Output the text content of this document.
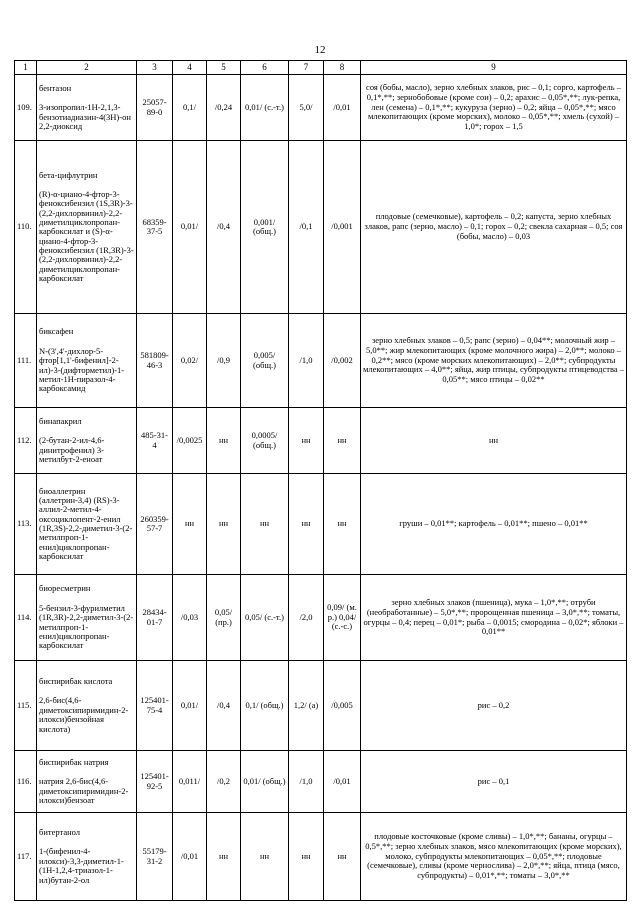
12
1	2	3	4	5	6	7	8	9
109.	бентазон
3-изопропил-1H-2,1,3-бензотиадиазин-4(3H)-он 2,2-диоксид	25057-89-0	0,1/	/0,24	0,01/ (с.-т.)	5,0/	/0,01	соя (бобы, масло), зерно хлебных злаков, рис – 0,1; сорго, картофель – 0,1*,**; зернобобовые (кроме сои) – 0,2; арахис – 0,05*,**; лук-репка, лен (семена) – 0,1*,**; кукуруза (зерно) – 0,2; яйца – 0,05*,**; мясо млекопитающих (кроме морских), молоко – 0,05*,**; хмель (сухой) – 1,0*; горох – 1,5
110.	бета-цифлутрин
(R)-α-циано-4-фтор-3-феноксибензил (1S,3R)-3-(2,2-дихлорвинил)-2,2-диметилциклопропан-карбоксилат и (S)-α-циано-4-фтор-3-феноксибензил (1R,3R)-3-(2,2-дихлорвинил)-2,2-диметилциклопропан-карбоксилат	68359-37-5	0,01/	/0,4	0,001/ (общ.)	/0,1	/0,001	плодовые (семечковые), картофель – 0,2; капуста, зерно хлебных злаков, рапс (зерно, масло) – 0,1; горох – 0,2; свекла сахарная – 0,5; соя (бобы, масло) – 0,03
111.	биксафен
N-(3',4'-дихлор-5-фтор[1,1'-бифенил]-2-ил)-3-(дифторметил)-1-метил-1H-пиразол-4-карбоксамид	581809-46-3	0,02/	/0,9	0,005/ (общ.)	/1,0	/0,002	зерно хлебных злаков – 0,5; рапс (зерно) – 0,04**; молочный жир – 5,0**; жир млекопитающих (кроме молочного жира) – 2,0**; молоко – 0,2**; мясо (кроме морских млекопитающих) – 2,0**; субпродукты млекопитающих – 4,0**; яйца, жир птицы, субпродукты птицеводства – 0,05**; мясо птицы – 0,02**
112.	бинапакрил
(2-бутан-2-ил-4,6-динитрофенил) 3-метилбут-2-еноат	485-31-4	/0,0025	нн	0,0005/ (общ.)	нн	нн	нн
113.	биоаллетрин
(аллетрин-3,4) (RS)-3-аллил-2-метил-4-оксоциклопент-2-енил (1R,3S)-2,2-диметил-3-(2-метилпроп-1-енил)циклопропан-карбоксилат	260359-57-7	нн	нн	нн	нн	нн	груши – 0,01**; картофель – 0,01**; пшено – 0,01**
114.	биоресметрин
5-бензил-3-фурилметил (1R,3R)-2,2-диметил-3-(2-метилпроп-1-енил)циклопропан-карбоксилат	28434-01-7	/0,03	0,05/ (пр.)	0,05/ (с.-т.)	/2,0	0,09/ (м. р.) 0,04/ (с.-с.)	зерно хлебных злаков (пшеница), мука – 1,0*,**; отруби (необработанные) – 5,0*,**; пророщенная пшеница – 3,0*,**; томаты, огурцы – 0,4; перец – 0,01*; рыба – 0,0015; смородина – 0,02*; яблоки – 0,01**
115.	биспирибак кислота
2,6-бис(4,6-диметоксипиримидин-2-илокси)бензойная кислота)	125401-75-4	0,01/	/0,4	0,1/ (общ.)	1,2/ (а)	/0,005	рис – 0,2
116.	биспирибак натрия
натрия 2,6-бис(4,6-диметоксипиримидин-2-илокси)бензоат	125401-92-5	0,011/	/0,2	0,01/ (общ.)	/1,0	/0,01	рис – 0,1
117.	битертанол
1-(бифенил-4-илокси)-3,3-диметил-1-(1H-1,2,4-триазол-1-ил)бутан-2-ол	55179-31-2	/0,01	нн	нн	нн	нн	плодовые косточковые (кроме сливы) – 1,0*,**; бананы, огурцы – 0,5*,**; зерно хлебных злаков, мясо млекопитающих (кроме морских), молоко, субпродукты млекопитающих – 0,05*,**; плодовые (семечковые), сливы (кроме чернослива) – 2,0*,**; яйца, птица (мясо, субпродукты) – 0,01*,**; томаты – 3,0*,**
